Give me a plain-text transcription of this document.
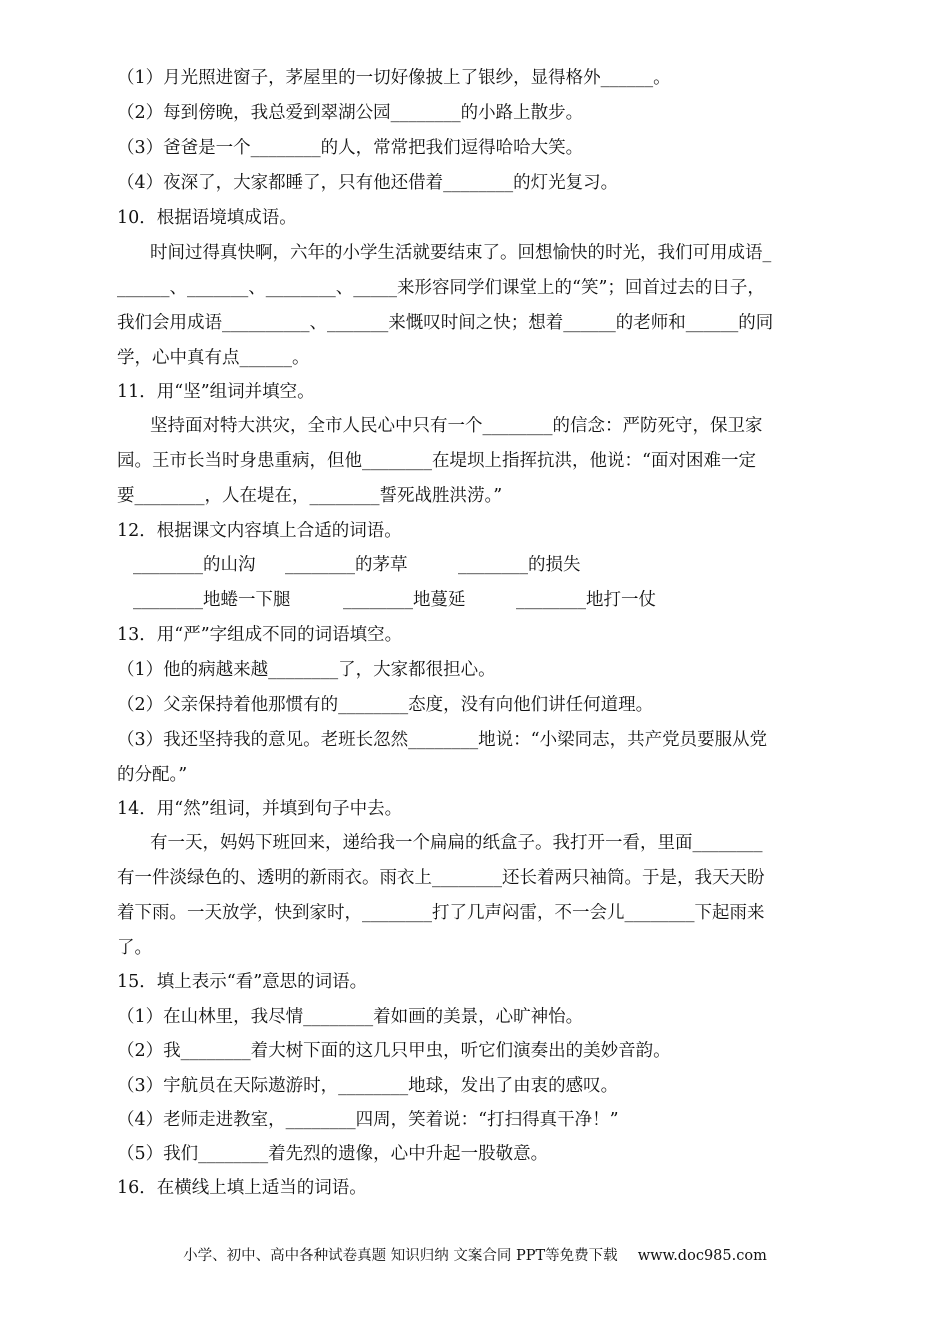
（1）月光照进窗子，茅屋里的一切好像披上了银纱，显得格外______。
（2）每到傍晚，我总爱到翠湖公园________的小路上散步。
（3）爸爸是一个________的人，常常把我们逗得哈哈大笑。
（4）夜深了，大家都睡了，只有他还借着________的灯光复习。
10．根据语境填成语。
时间过得真快啊，六年的小学生活就要结束了。回想愉快的时光，我们可用成语_
______、_______、________、_____来形容同学们课堂上的“笑”；回首过去的日子，
我们会用成语__________、_______来慨叹时间之快；想着______的老师和______的同
学，心中真有点______。
11．用“坚”组词并填空。
坚持面对特大洪灾，全市人民心中只有一个________的信念：严防死守，保卫家
园。王市长当时身患重病，但他________在堤坝上指挥抗洪，他说：“面对困难一定
要________，人在堤在，________誓死战胜洪涝。”
12．根据课文内容填上合适的词语。
________的山沟 ________的茅草	________的损失
________地蜷一下腿	________地蔓延	________地打一仗
13．用“严”字组成不同的词语填空。
（1）他的病越来越________了，大家都很担心。
（2）父亲保持着他那惯有的________态度，没有向他们讲任何道理。
（3）我还坚持我的意见。老班长忽然________地说：“小梁同志，共产党员要服从党
的分配。”
14．用“然”组词，并填到句子中去。
有一天，妈妈下班回来，递给我一个扁扁的纸盒子。我打开一看，里面________
有一件淡绿色的、透明的新雨衣。雨衣上________还长着两只袖筒。于是，我天天盼
着下雨。一天放学，快到家时，________打了几声闷雷，不一会儿________下起雨来
了。
15．填上表示“看”意思的词语。
（1）在山林里，我尽情________着如画的美景，心旷神怡。
（2）我________着大树下面的这几只甲虫，听它们演奏出的美妙音韵。
（3）宇航员在天际遨游时，________地球，发出了由衷的感叹。
（4）老师走进教室，________四周，笑着说：“打扫得真干净！”
（5）我们________着先烈的遗像，心中升起一股敬意。
16．在横线上填上适当的词语。
小学、初中、高中各种试卷真题 知识归纳 文案合同 PPT等免费下载 www.doc985.com
